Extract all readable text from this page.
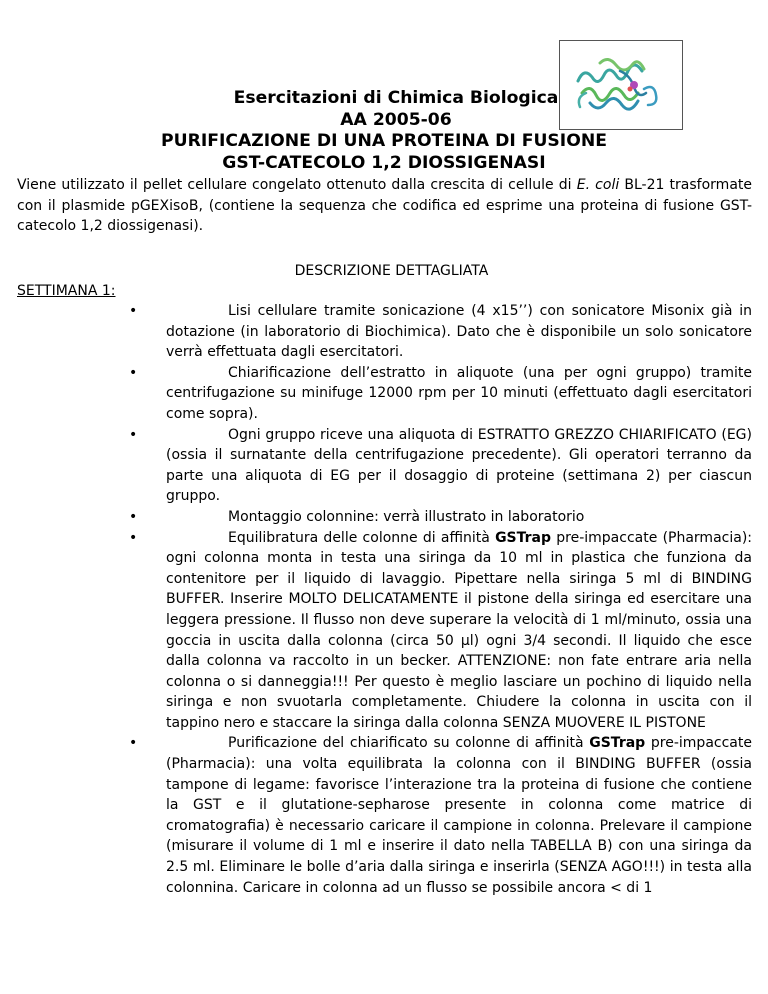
Esercitazioni di Chimica Biologica
AA 2005-06
PURIFICAZIONE DI UNA PROTEINA DI FUSIONE
GST-CATECOLO 1,2 DIOSSIGENASI

Viene utilizzato il pellet cellulare congelato ottenuto dalla crescita di cellule di E. coli BL-21 trasformate con il plasmide pGEXisoB, (contiene la sequenza che codifica ed esprime una proteina di fusione GST-catecolo 1,2 diossigenasi).

DESCRIZIONE DETTAGLIATA
SETTIMANA 1:
• Lisi cellulare tramite sonicazione (4 x15’’) con sonicatore Misonix già in dotazione (in laboratorio di Biochimica). Dato che è disponibile un solo sonicatore verrà effettuata dagli esercitatori.
• Chiarificazione dell’estratto in aliquote (una per ogni gruppo) tramite centrifugazione su minifuge 12000 rpm per 10 minuti (effettuato dagli esercitatori come sopra).
• Ogni gruppo riceve una aliquota di ESTRATTO GREZZO CHIARIFICATO (EG) (ossia il surnatante della centrifugazione precedente). Gli operatori terranno da parte una aliquota di EG per il dosaggio di proteine (settimana 2) per ciascun gruppo.
• Montaggio colonnine: verrà illustrato in laboratorio
• Equilibratura delle colonne di affinità GSTrap pre-impaccate (Pharmacia): ogni colonna monta in testa una siringa da 10 ml in plastica che funziona da contenitore per il liquido di lavaggio. Pipettare nella siringa 5 ml di BINDING BUFFER. Inserire MOLTO DELICATAMENTE il pistone della siringa ed esercitare una leggera pressione. Il flusso non deve superare la velocità di 1 ml/minuto, ossia una goccia in uscita dalla colonna (circa 50 μl) ogni 3/4 secondi. Il liquido che esce dalla colonna va raccolto in un becker. ATTENZIONE: non fate entrare aria nella colonna o si danneggia!!! Per questo è meglio lasciare un pochino di liquido nella siringa e non svuotarla completamente. Chiudere la colonna in uscita con il tappino nero e staccare la siringa dalla colonna SENZA MUOVERE IL PISTONE
• Purificazione del chiarificato su colonne di affinità GSTrap pre-impaccate (Pharmacia): una volta equilibrata la colonna con il BINDING BUFFER (ossia tampone di legame: favorisce l’interazione tra la proteina di fusione che contiene la GST e il glutatione-sepharose presente in colonna come matrice di cromatografia) è necessario caricare il campione in colonna. Prelevare il campione (misurare il volume di 1 ml e inserire il dato nella TABELLA B) con una siringa da 2.5 ml. Eliminare le bolle d’aria dalla siringa e inserirla (SENZA AGO!!!) in testa alla colonnina. Caricare in colonna ad un flusso se possibile ancora < di 1
